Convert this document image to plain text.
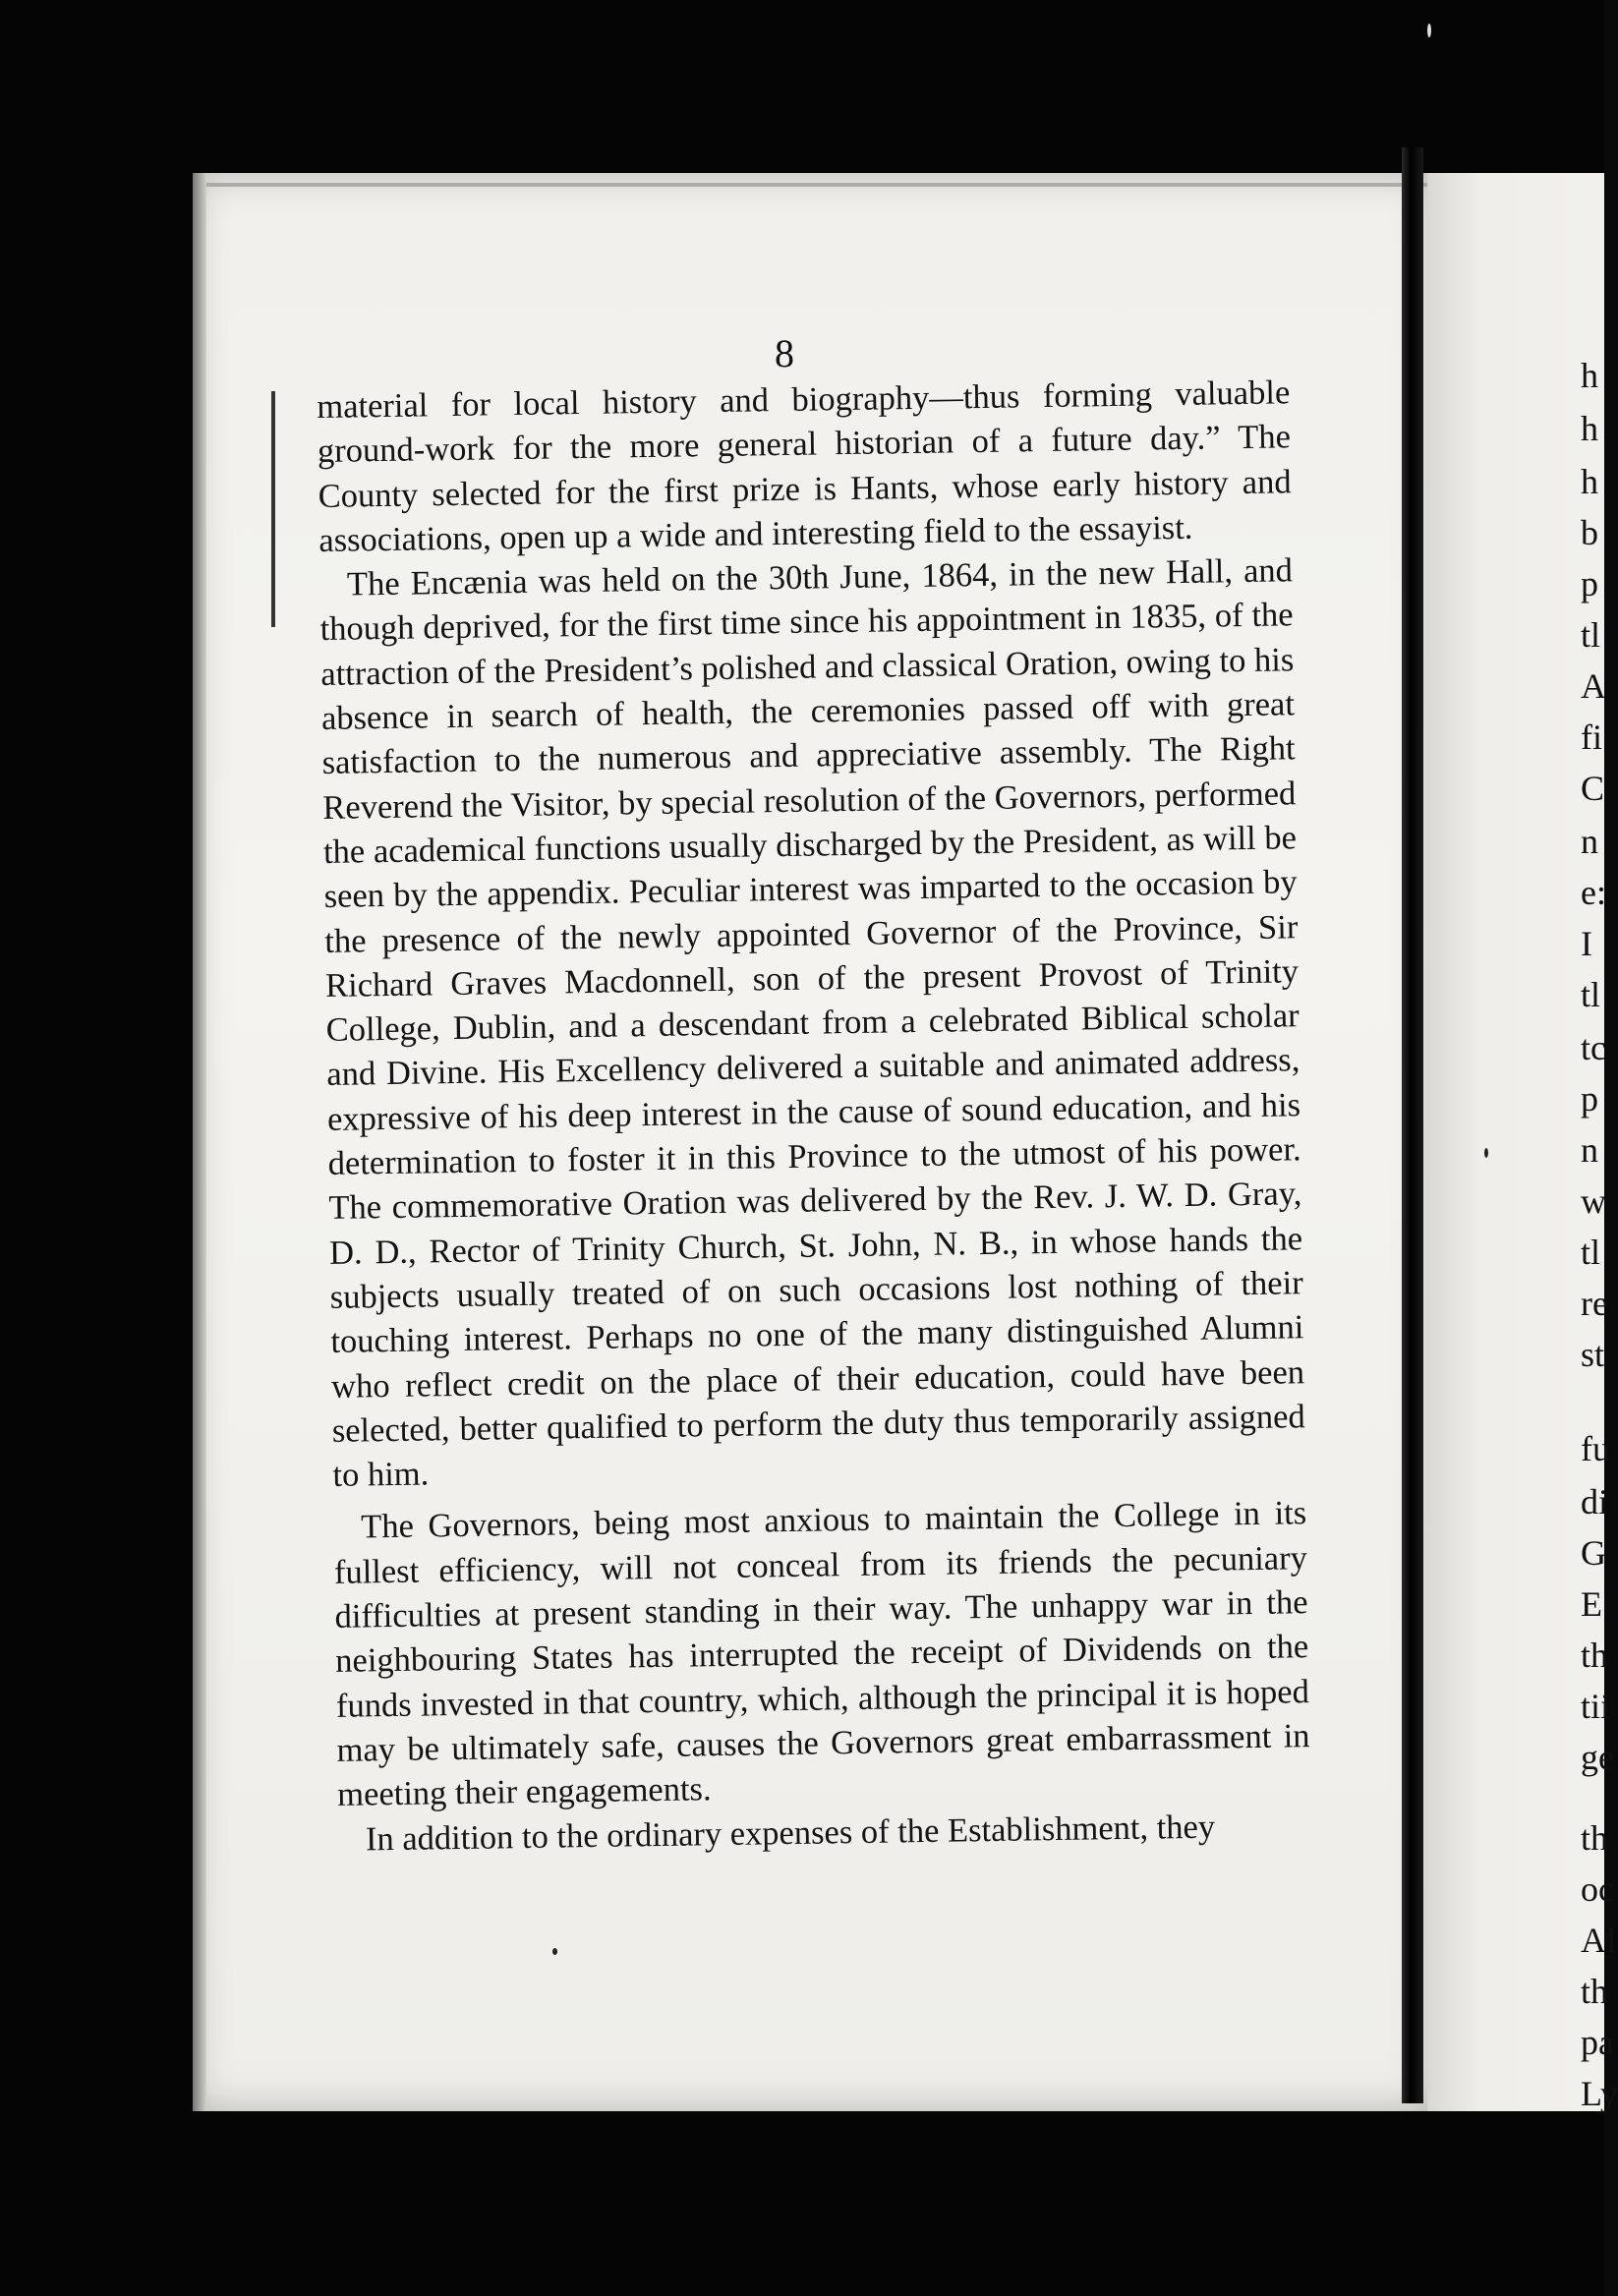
8

material for local history and biography—thus forming valuable ground-work for the more general historian of a future day.” The County selected for the first prize is Hants, whose early history and associations, open up a wide and interesting field to the essayist.

The Encænia was held on the 30th June, 1864, in the new Hall, and though deprived, for the first time since his appointment in 1835, of the attraction of the President’s polished and classical Oration, owing to his absence in search of health, the ceremonies passed off with great satisfaction to the numerous and appreciative assembly. The Right Reverend the Visitor, by special resolution of the Governors, performed the academical functions usually discharged by the President, as will be seen by the appendix. Peculiar interest was imparted to the occasion by the presence of the newly appointed Governor of the Province, Sir Richard Graves Macdonnell, son of the present Provost of Trinity College, Dublin, and a descendant from a celebrated Biblical scholar and Divine. His Excellency delivered a suitable and animated address, expressive of his deep interest in the cause of sound education, and his determination to foster it in this Province to the utmost of his power. The commemorative Oration was delivered by the Rev. J. W. D. Gray, D. D., Rector of Trinity Church, St. John, N. B., in whose hands the subjects usually treated of on such occasions lost nothing of their touching interest. Perhaps no one of the many distinguished Alumni who reflect credit on the place of their education, could have been selected, better qualified to perform the duty thus temporarily assigned to him.

The Governors, being most anxious to maintain the College in its fullest efficiency, will not conceal from its friends the pecuniary difficulties at present standing in their way. The unhappy war in the neighbouring States has interrupted the receipt of Dividends on the funds invested in that country, which, although the principal it is hoped may be ultimately safe, causes the Governors great embarrassment in meeting their engagements.

In addition to the ordinary expenses of the Establishment, they

h
h
h
b
p
tl
A
fi
C
n
e:
I
tl
tc
p
n
w
tl
re
st
fu
di
G
E
th
tii
ge
th
oc
Al
th
pa
Ly
